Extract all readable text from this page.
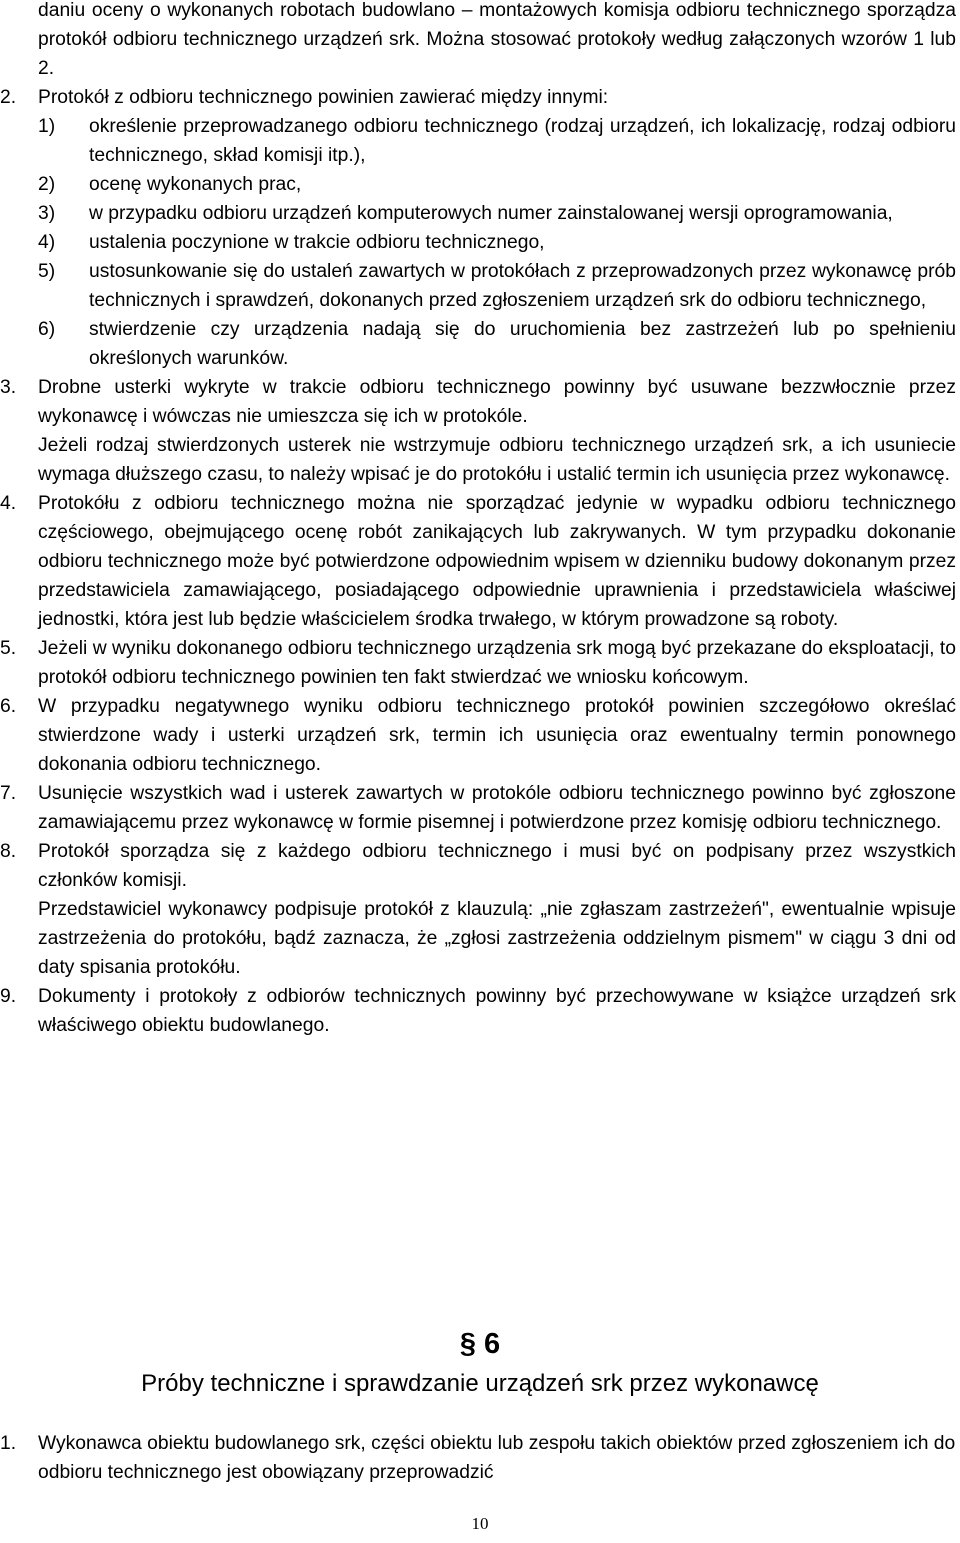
daniu oceny o wykonanych robotach budowlano – montażowych komisja odbioru technicznego sporządza protokół odbioru technicznego urządzeń srk. Można stosować protokoły według załączonych wzorów 1 lub 2.

2. Protokół z odbioru technicznego powinien zawierać między innymi:

1) określenie przeprowadzanego odbioru technicznego (rodzaj urządzeń, ich lokalizację, rodzaj odbioru technicznego, skład komisji itp.),

2) ocenę wykonanych prac,

3) w przypadku odbioru urządzeń komputerowych numer zainstalowanej wersji oprogramowania,

4) ustalenia poczynione w trakcie odbioru technicznego,

5) ustosunkowanie się do ustaleń zawartych w protokółach z przeprowadzonych przez wykonawcę prób technicznych i sprawdzeń, dokonanych przed zgłoszeniem urządzeń srk do odbioru technicznego,

6) stwierdzenie czy urządzenia nadają się do uruchomienia bez zastrzeżeń lub po spełnieniu określonych warunków.

3. Drobne usterki wykryte w trakcie odbioru technicznego powinny być usuwane bezzwłocznie przez wykonawcę i wówczas nie umieszcza się ich w protokóle.

Jeżeli rodzaj stwierdzonych usterek nie wstrzymuje odbioru technicznego urządzeń srk, a ich usuniecie wymaga dłuższego czasu, to należy wpisać je do protokółu i ustalić termin ich usunięcia przez wykonawcę.

4. Protokółu z odbioru technicznego można nie sporządzać jedynie w wypadku odbioru technicznego częściowego, obejmującego ocenę robót zanikających lub zakrywanych. W tym przypadku dokonanie odbioru technicznego może być potwierdzone odpowiednim wpisem w dzienniku budowy dokonanym przez przedstawiciela zamawiającego, posiadającego odpowiednie uprawnienia i przedstawiciela właściwej jednostki, która jest lub będzie właścicielem środka trwałego, w którym prowadzone są roboty.

5. Jeżeli w wyniku dokonanego odbioru technicznego urządzenia srk mogą być przekazane do eksploatacji, to protokół odbioru technicznego powinien ten fakt stwierdzać we wniosku końcowym.

6. W przypadku negatywnego wyniku odbioru technicznego protokół powinien szczegółowo określać stwierdzone wady i usterki urządzeń srk, termin ich usunięcia oraz ewentualny termin ponownego dokonania odbioru technicznego.

7. Usunięcie wszystkich wad i usterek zawartych w protokóle odbioru technicznego powinno być zgłoszone zamawiającemu przez wykonawcę w formie pisemnej i potwierdzone przez komisję odbioru technicznego.

8. Protokół sporządza się z każdego odbioru technicznego i musi być on podpisany przez wszystkich członków komisji.

Przedstawiciel wykonawcy podpisuje protokół z klauzulą: „nie zgłaszam zastrzeżeń", ewentualnie wpisuje zastrzeżenia do protokółu, bądź zaznacza, że „zgłosi zastrzeżenia oddzielnym pismem" w ciągu 3 dni od daty spisania protokółu.

9. Dokumenty i protokoły z odbiorów technicznych powinny być przechowywane w książce urządzeń srk właściwego obiektu budowlanego.

§ 6
Próby techniczne i sprawdzanie urządzeń srk przez wykonawcę
1. Wykonawca obiektu budowlanego srk, części obiektu lub zespołu takich obiektów przed zgłoszeniem ich do odbioru technicznego jest obowiązany przeprowadzić

10
